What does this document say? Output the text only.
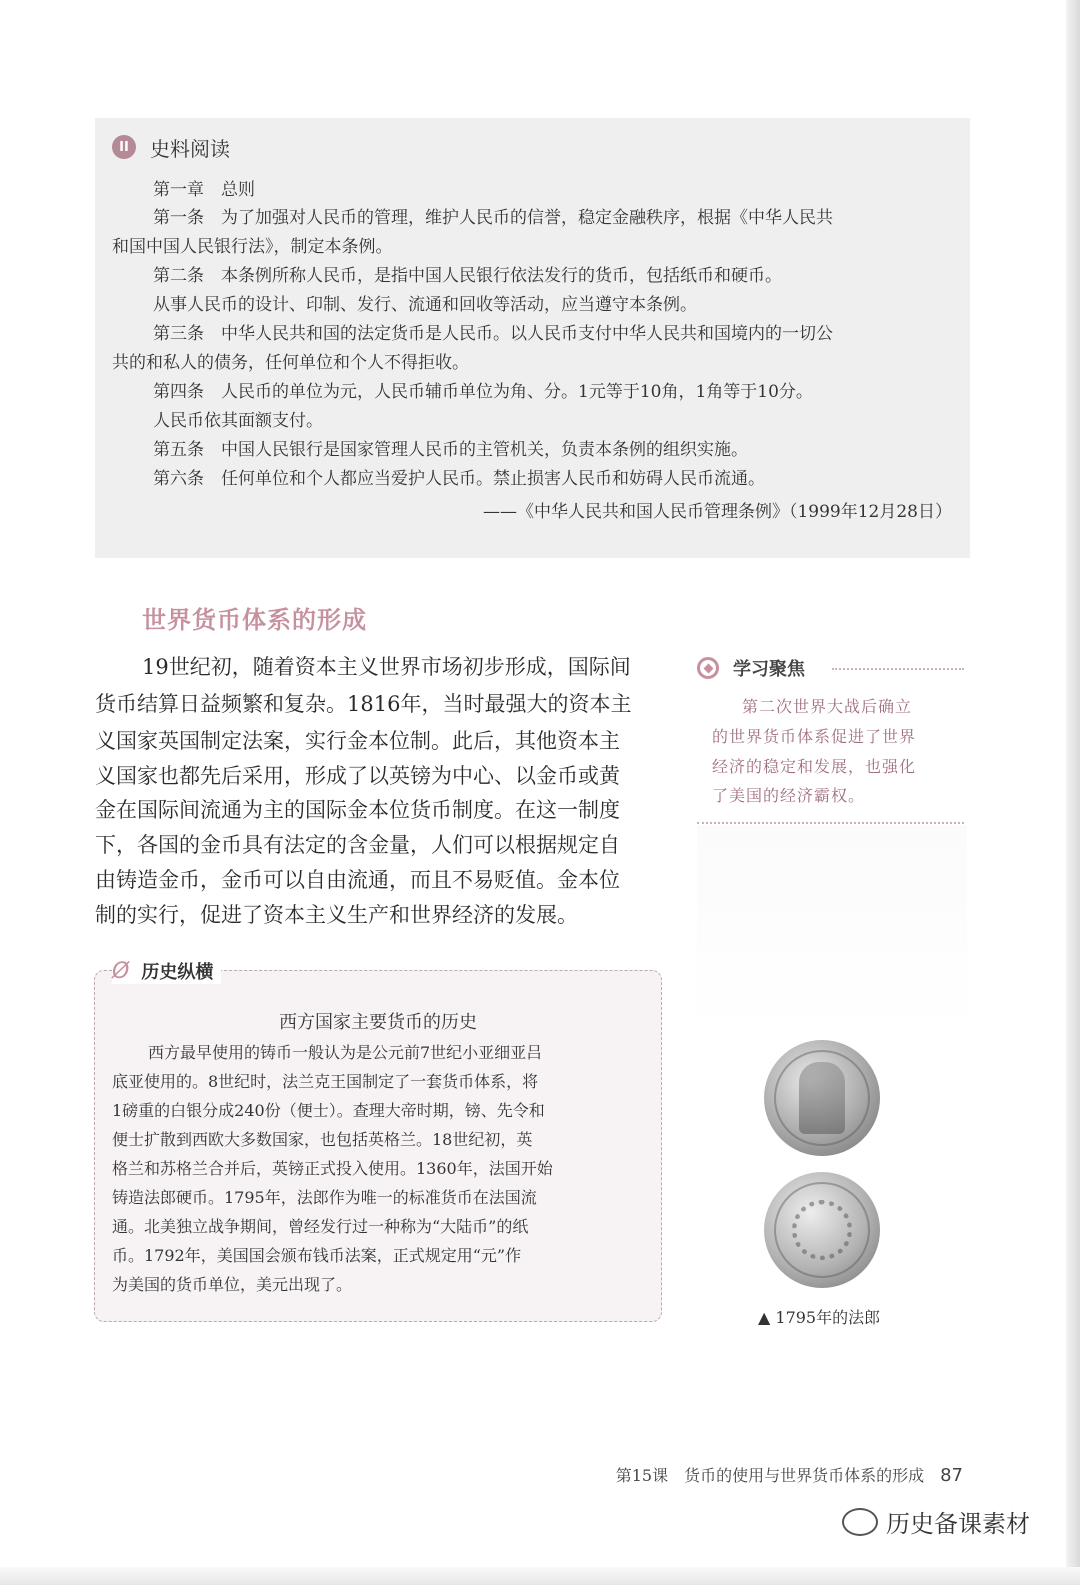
II	史料阅读
第一章　总则
第一条　为了加强对人民币的管理，维护人民币的信誉，稳定金融秩序，根据《中华人民共
和国中国人民银行法》，制定本条例。
第二条　本条例所称人民币，是指中国人民银行依法发行的货币，包括纸币和硬币。
从事人民币的设计、印制、发行、流通和回收等活动，应当遵守本条例。
第三条　中华人民共和国的法定货币是人民币。以人民币支付中华人民共和国境内的一切公
共的和私人的债务，任何单位和个人不得拒收。
第四条　人民币的单位为元，人民币辅币单位为角、分。1元等于10角，1角等于10分。
人民币依其面额支付。
第五条　中国人民银行是国家管理人民币的主管机关，负责本条例的组织实施。
第六条　任何单位和个人都应当爱护人民币。禁止损害人民币和妨碍人民币流通。
——《中华人民共和国人民币管理条例》（1999年12月28日）
世界货币体系的形成
19世纪初，随着资本主义世界市场初步形成，国际间
货币结算日益频繁和复杂。1816年，当时最强大的资本主
义国家英国制定法案，实行金本位制。此后，其他资本主
义国家也都先后采用，形成了以英镑为中心、以金币或黄
金在国际间流通为主的国际金本位货币制度。在这一制度
下，各国的金币具有法定的含金量，人们可以根据规定自
由铸造金币，金币可以自由流通，而且不易贬值。金本位
制的实行，促进了资本主义生产和世界经济的发展。
学习聚焦
第二次世界大战后确立
的世界货币体系促进了世界
经济的稳定和发展，也强化
了美国的经济霸权。
Ø 历史纵横
西方国家主要货币的历史
西方最早使用的铸币一般认为是公元前7世纪小亚细亚吕
底亚使用的。8世纪时，法兰克王国制定了一套货币体系，将
1磅重的白银分成240份（便士）。查理大帝时期，镑、先令和
便士扩散到西欧大多数国家，也包括英格兰。18世纪初，英
格兰和苏格兰合并后，英镑正式投入使用。1360年，法国开始
铸造法郎硬币。1795年，法郎作为唯一的标准货币在法国流
通。北美独立战争期间，曾经发行过一种称为“大陆币”的纸
币。1792年，美国国会颁布钱币法案，正式规定用“元”作
为美国的货币单位，美元出现了。
▲ 1795年的法郎
第15课　货币的使用与世界货币体系的形成 87
历史备课素材
